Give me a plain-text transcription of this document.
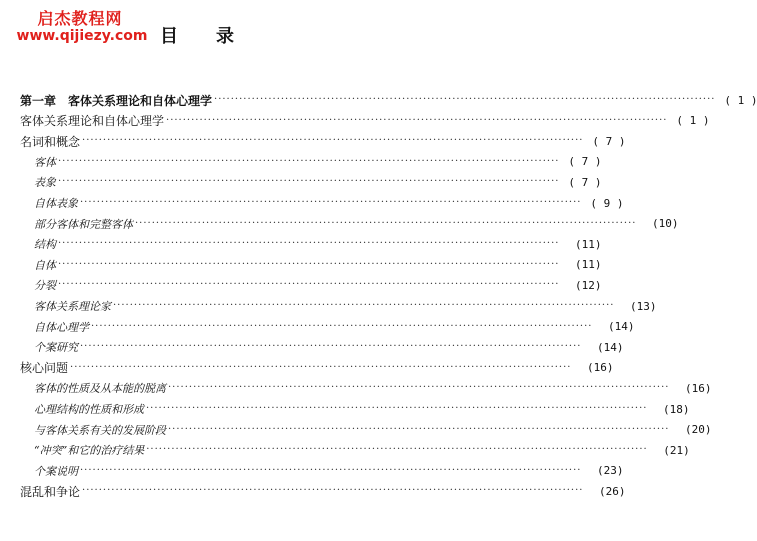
启杰教程网
www.qijiezy.com 目录
第一章　客体关系理论和自体心理学 ························································································································ ( 1 )
客体关系理论和自体心理学 ························································································································ ( 1 )
名词和概念 ························································································································ ( 7 )
客体 ························································································································ ( 7 )
表象 ························································································································ ( 7 )
自体表象 ························································································································ ( 9 )
部分客体和完整客体 ························································································································	(10)
结构 ························································································································	(11)
自体 ························································································································	(11)
分裂 ························································································································	(12)
客体关系理论家 ························································································································	(13)
自体心理学 ························································································································	(14)
个案研究 ························································································································	(14)
核心问题 ························································································································	(16)
客体的性质及从本能的脱离 ························································································································	(16)
心理结构的性质和形成 ························································································································	(18)
与客体关系有关的发展阶段 ························································································································	(20)
“冲突”和它的治疗结果 ························································································································	(21)
个案说明 ························································································································	(23)
混乱和争论 ························································································································	(26)
